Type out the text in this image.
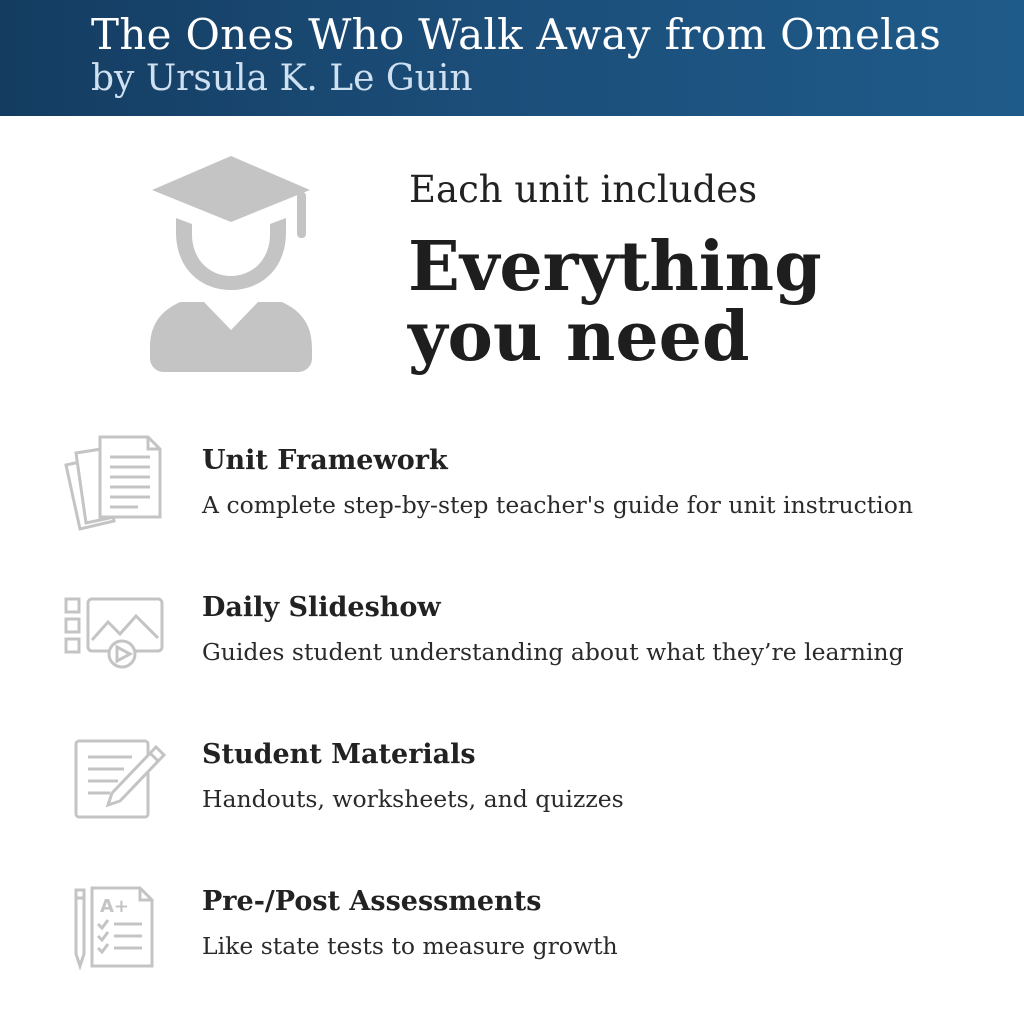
The Ones Who Walk Away from Omelas
by Ursula K. Le Guin
Each unit includes
Everything
you need
Unit Framework
A complete step-by-step teacher's guide for unit instruction
Daily Slideshow
Guides student understanding about what they’re learning
Student Materials
Handouts, worksheets, and quizzes
A+	Pre-/Post Assessments
Like state tests to measure growth
